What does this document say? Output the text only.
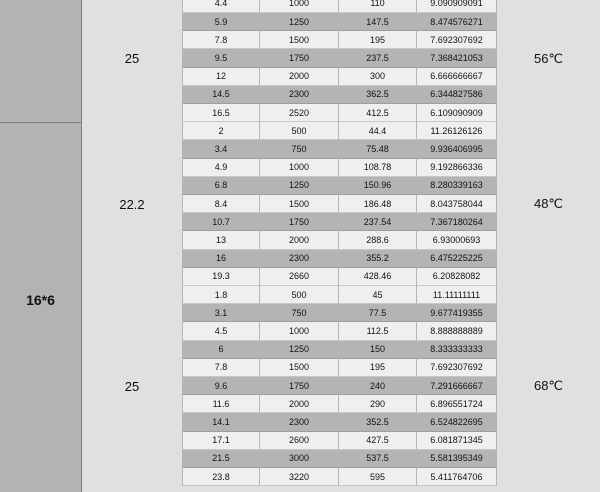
16*6
25	56℃
4.4	1000	110	9.090909091
5.9	1250	147.5	8.474576271
7.8	1500	195	7.692307692
9.5	1750	237.5	7.368421053
12	2000	300	6.666666667
14.5	2300	362.5	6.344827586
16.5	2520	412.5	6.109090909
22.2	48℃
2	500	44.4	11.26126126
3.4	750	75.48	9.936406995
4.9	1000	108.78	9.192866336
6.8	1250	150.96	8.280339163
8.4	1500	186.48	8.043758044
10.7	1750	237.54	7.367180264
13	2000	288.6	6.93000693
16	2300	355.2	6.475225225
19.3	2660	428.46	6.20828082
25	68℃
1.8	500	45	11.11111111
3.1	750	77.5	9.677419355
4.5	1000	112.5	8.888888889
6	1250	150	8.333333333
7.8	1500	195	7.692307692
9.6	1750	240	7.291666667
11.6	2000	290	6.896551724
14.1	2300	352.5	6.524822695
17.1	2600	427.5	6.081871345
21.5	3000	537.5	5.581395349
23.8	3220	595	5.411764706
